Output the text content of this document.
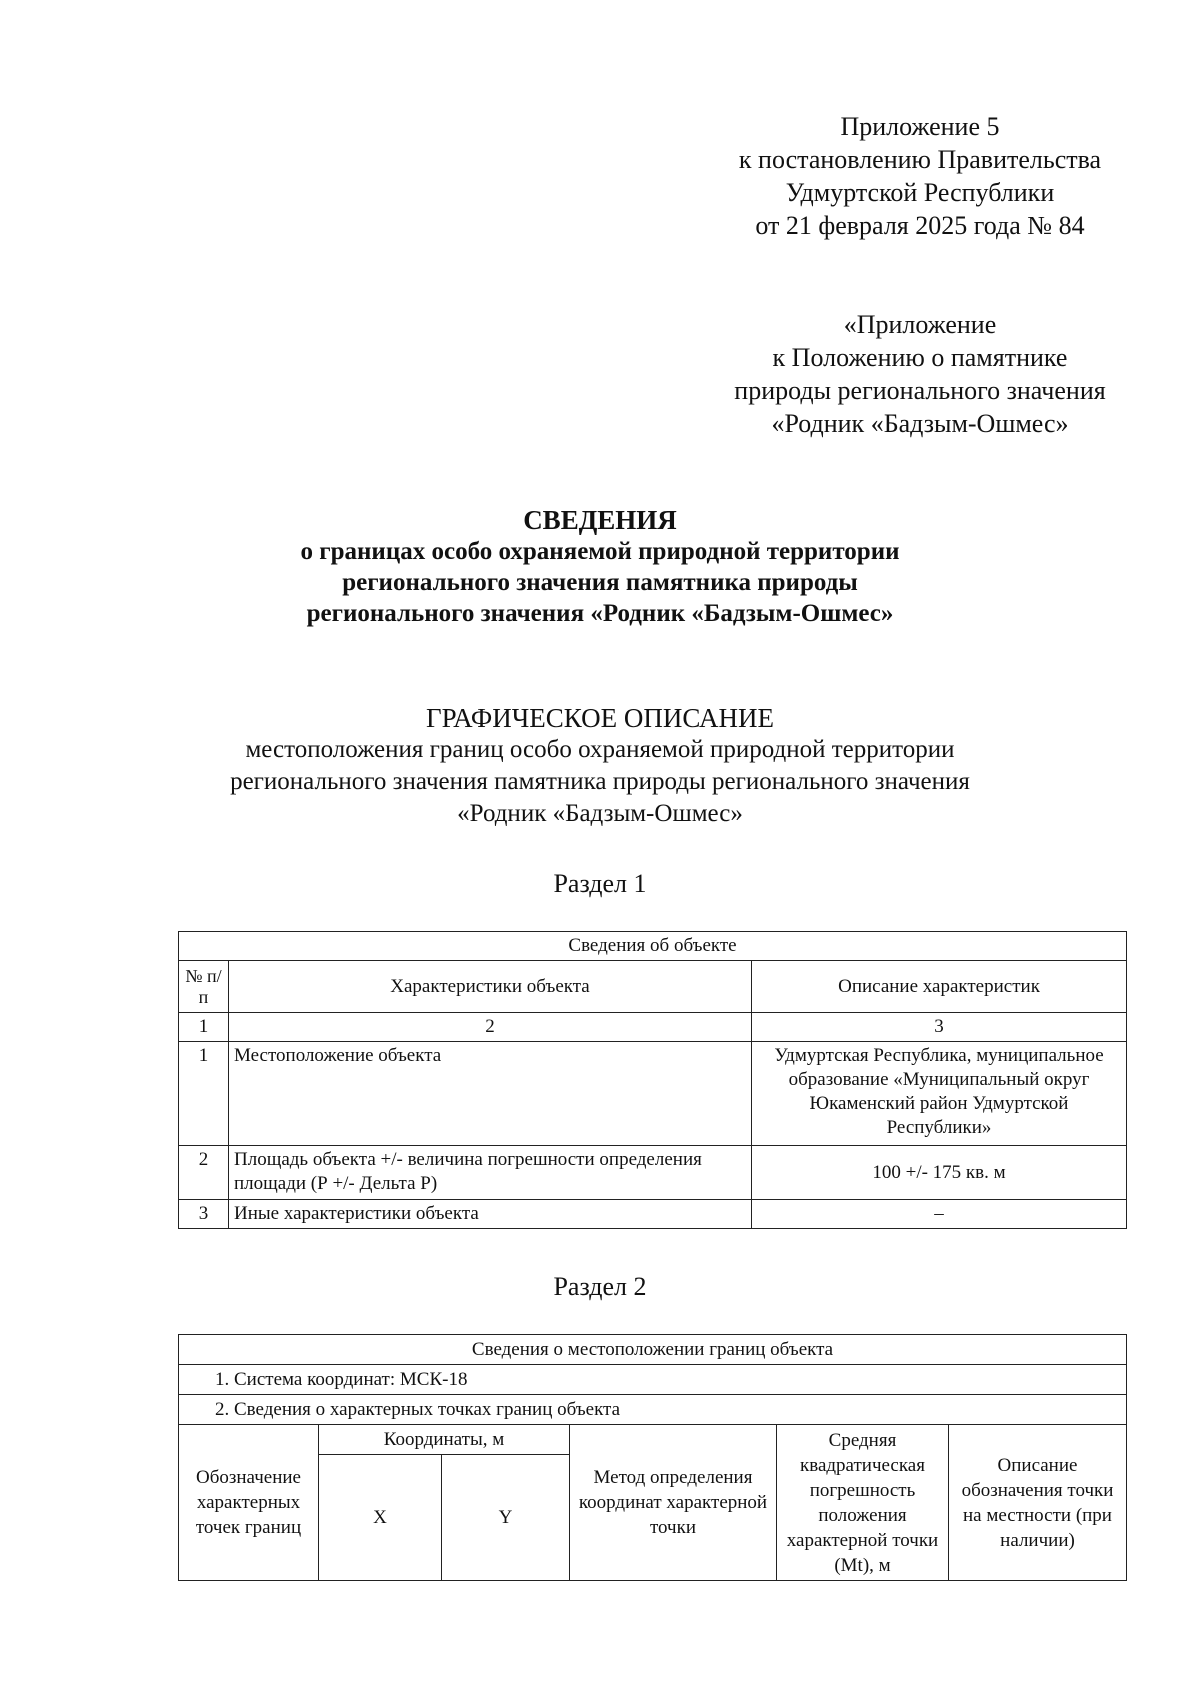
Приложение 5
к постановлению Правительства
Удмуртской Республики
от 21 февраля 2025 года № 84
«Приложение
к Положению о памятнике
природы регионального значения
«Родник «Бадзым-Ошмес»
СВЕДЕНИЯ
о границах особо охраняемой природной территории
регионального значения памятника природы
регионального значения «Родник «Бадзым-Ошмес»
ГРАФИЧЕСКОЕ ОПИСАНИЕ
местоположения границ особо охраняемой природной территории
регионального значения памятника природы регионального значения
«Родник «Бадзым-Ошмес»
Раздел 1
Сведения об объекте		
№ п/п	Характеристики объекта	Описание характеристик
1	2	3
1	Местоположение объекта	Удмуртская Республика, муниципальное образование «Муниципальный округ Юкаменский район Удмуртской Республики»
2	Площадь объекта +/- величина погрешности определения площади (Р +/- Дельта Р)	100 +/- 175 кв. м
3	Иные характеристики объекта	–
Раздел 2
Сведения о местоположении границ объекта					
1. Система координат: МСК-18					
2. Сведения о характерных точках границ объекта					
Обозначение характерных точек границ	Координаты, м		Метод определения координат характерной точки	Средняя квадратическая погрешность положения характерной точки (Мt), м	Описание обозначения точки на местности (при наличии)
	X	Y			
